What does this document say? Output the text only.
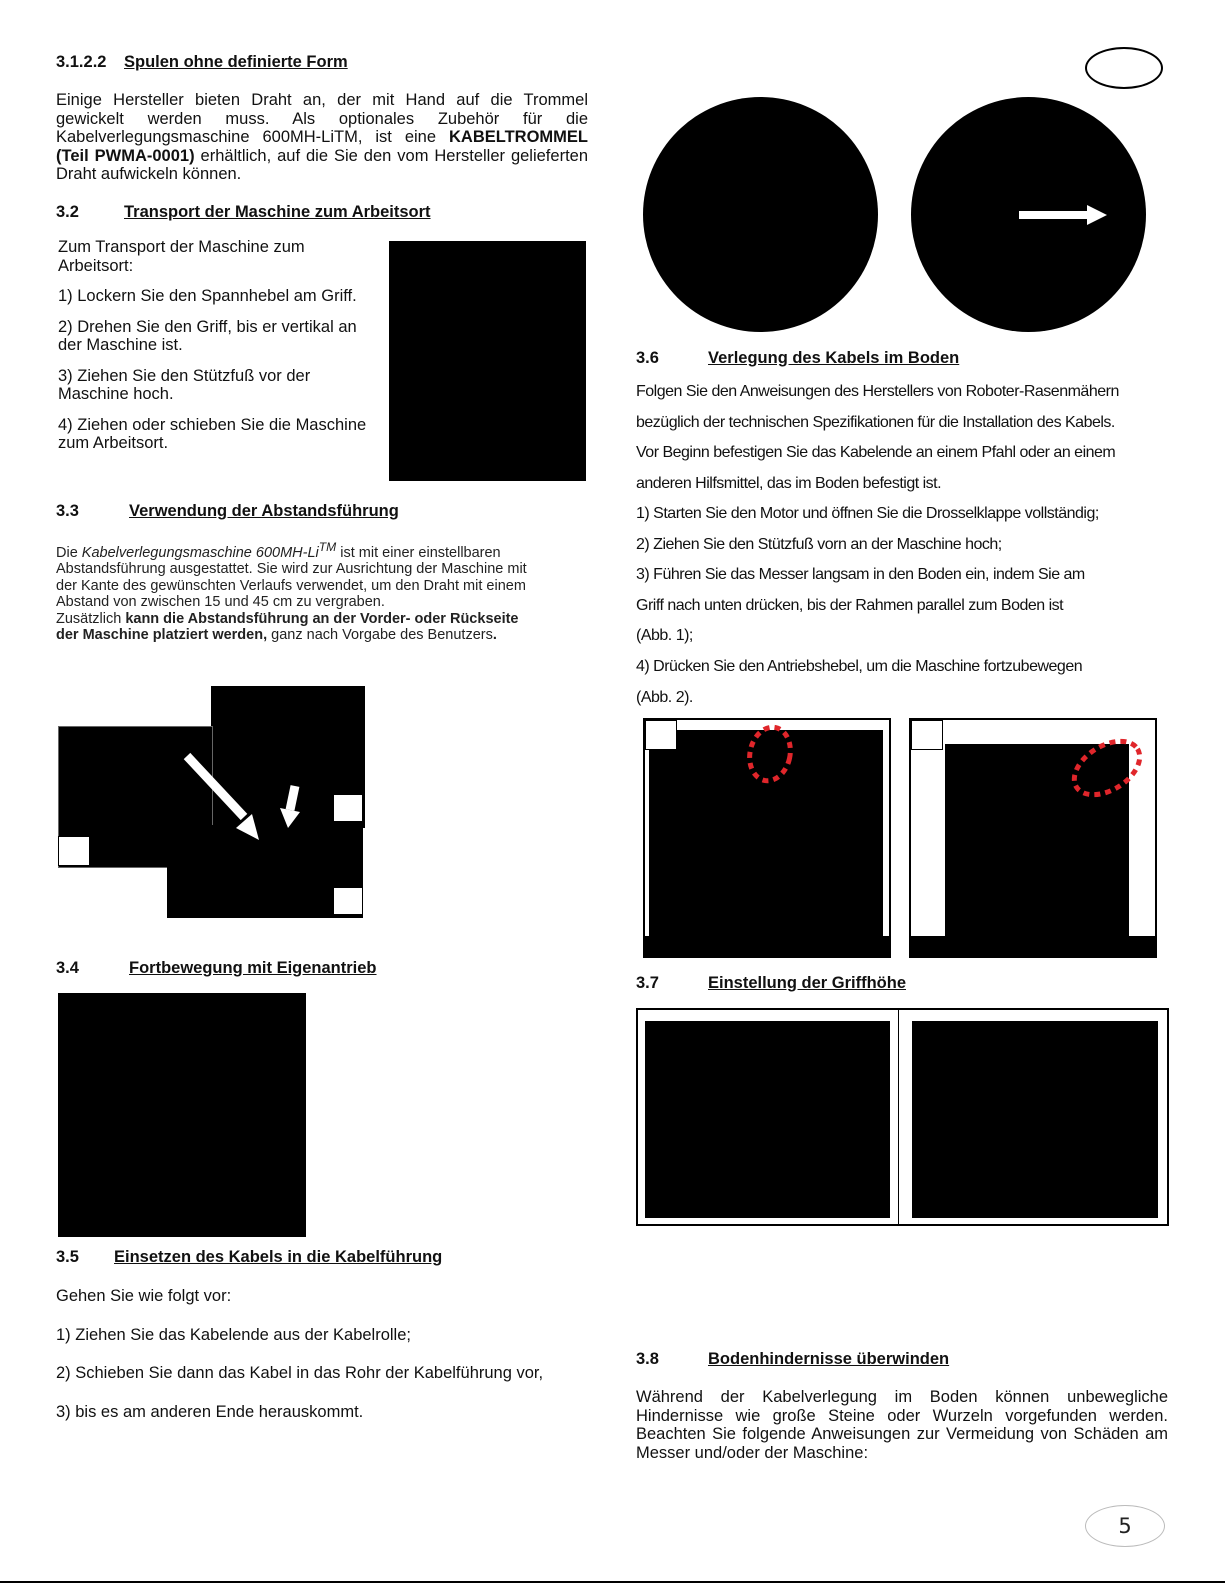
3.1.2.2 Spulen ohne definierte Form
Einige Hersteller bieten Draht an, der mit Hand auf die Trommel gewickelt werden muss. Als optionales Zubehör für die Kabelverlegungsmaschine 600MH-LiTM, ist eine KABELTROMMEL (Teil PWMA-0001) erhältlich, auf die Sie den vom Hersteller gelieferten Draht aufwickeln können.
3.2	Transport der Maschine zum Arbeitsort
Zum Transport der Maschine zum Arbeitsort:
1) Lockern Sie den Spannhebel am Griff.
2) Drehen Sie den Griff, bis er vertikal an der Maschine ist.
3) Ziehen Sie den Stützfuß vor der Maschine hoch.
4) Ziehen oder schieben Sie die Maschine zum Arbeitsort.
3.3	Verwendung der Abstandsführung
Die Kabelverlegungsmaschine 600MH-Li™ ist mit einer einstellbaren
Abstandsführung ausgestattet. Sie wird zur Ausrichtung der Maschine mit
der Kante des gewünschten Verlaufs verwendet, um den Draht mit einem
Abstand von zwischen 15 und 45 cm zu vergraben.
Zusätzlich kann die Abstandsführung an der Vorder- oder Rückseite
der Maschine platziert werden, ganz nach Vorgabe des Benutzers.
3.4	Fortbewegung mit Eigenantrieb
3.5 Einsetzen des Kabels in die Kabelführung
Gehen Sie wie folgt vor:
1) Ziehen Sie das Kabelende aus der Kabelrolle;
2) Schieben Sie dann das Kabel in das Rohr der Kabelführung vor,
3) bis es am anderen Ende herauskommt.
3.6	Verlegung des Kabels im Boden
Folgen Sie den Anweisungen des Herstellers von Roboter-Rasenmähern
bezüglich der technischen Spezifikationen für die Installation des Kabels.
Vor Beginn befestigen Sie das Kabelende an einem Pfahl oder an einem
anderen Hilfsmittel, das im Boden befestigt ist.
1) Starten Sie den Motor und öffnen Sie die Drosselklappe vollständig;
2) Ziehen Sie den Stützfuß vorn an der Maschine hoch;
3) Führen Sie das Messer langsam in den Boden ein, indem Sie am
Griff nach unten drücken, bis der Rahmen parallel zum Boden ist
(Abb. 1);
4) Drücken Sie den Antriebshebel, um die Maschine fortzubewegen
(Abb. 2).
3.7	Einstellung der Griffhöhe
3.8	Bodenhindernisse überwinden
Während der Kabelverlegung im Boden können unbewegliche Hindernisse wie große Steine oder Wurzeln vorgefunden werden. Beachten Sie folgende Anweisungen zur Vermeidung von Schäden am Messer und/oder der Maschine:
5
